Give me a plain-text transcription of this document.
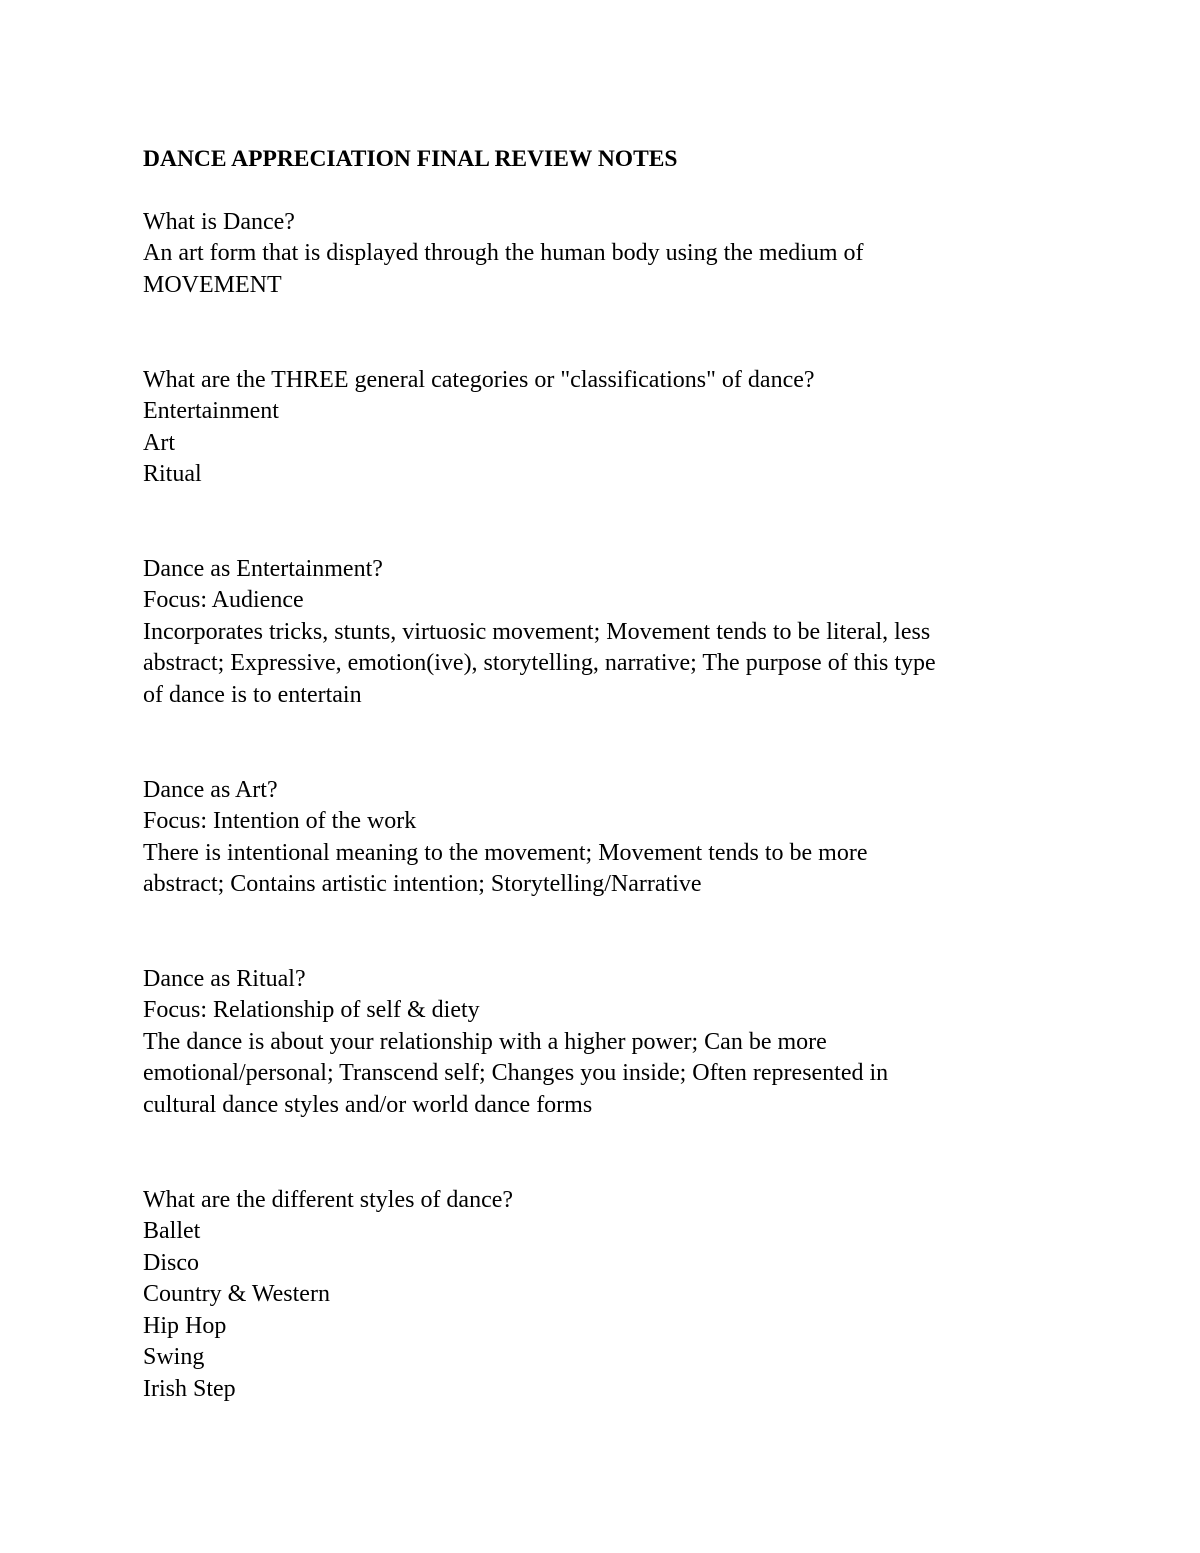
DANCE APPRECIATION FINAL REVIEW NOTES

What is Dance?

An art form that is displayed through the human body using the medium of

MOVEMENT

What are the THREE general categories or "classifications" of dance?

Entertainment

Art

Ritual

Dance as Entertainment?

Focus: Audience

Incorporates tricks, stunts, virtuosic movement; Movement tends to be literal, less

abstract; Expressive, emotion(ive), storytelling, narrative; The purpose of this type

of dance is to entertain

Dance as Art?

Focus: Intention of the work

There is intentional meaning to the movement; Movement tends to be more

abstract; Contains artistic intention; Storytelling/Narrative

Dance as Ritual?

Focus: Relationship of self & diety

The dance is about your relationship with a higher power; Can be more

emotional/personal; Transcend self; Changes you inside; Often represented in

cultural dance styles and/or world dance forms

What are the different styles of dance?

Ballet

Disco

Country & Western

Hip Hop

Swing

Irish Step
